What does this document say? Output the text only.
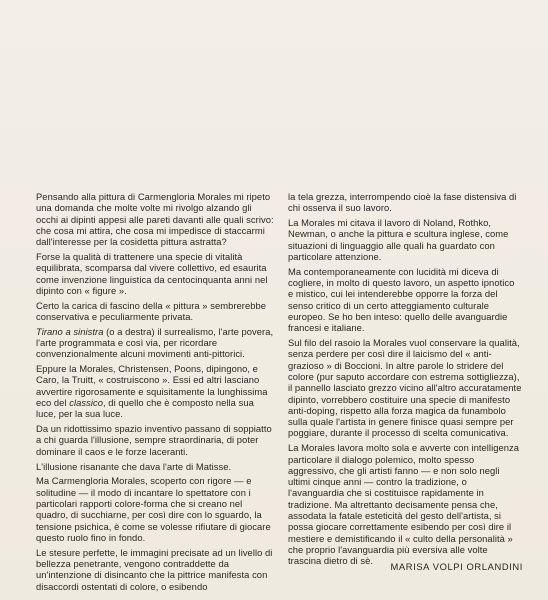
Pensando alla pittura di Carmengloria Morales mi ripeto una domanda che molte volte mi rivolgo alzando gli occhi ai dipinti appesi alle pareti davanti alle quali scrivo: che cosa mi attira, che cosa mi impedisce di staccarmi dall'interesse per la cosidetta pittura astratta?

Forse la qualità di trattenere una specie di vitalità equilibrata, scomparsa dal vivere collettivo, ed esaurita come invenzione linguistica da centocinquanta anni nel dipinto con « figure ».

Certo la carica di fascino della « pittura » sembrerebbe conservativa e peculiarmente privata.

Tirano a sinistra (o a destra) il surrealismo, l'arte povera, l'arte programmata e così via, per ricordare convenzionalmente alcuni movimenti anti-pittorici.

Eppure la Morales, Christensen, Poons, dipingono, e Caro, la Truitt, « costruiscono ». Essi ed altri lasciano avvertire rigorosamente e squisitamente la lunghissima eco del classico, di quello che è composto nella sua luce, per la sua luce.

Da un ridottissimo spazio inventivo passano di soppiatto a chi guarda l'illusione, sempre straordinaria, di poter dominare il caos e le forze laceranti.

L'illusione risanante che dava l'arte di Matisse.

Ma Carmengloria Morales, scoperto con rigore — e solitudine — il modo di incantare lo spettatore con i particolari rapporti colore-forma che si creano nel quadro, di succhiarne, per così dire con lo sguardo, la tensione psichica, è come se volesse rifiutare di giocare questo ruolo fino in fondo.

Le stesure perfette, le immagini precisate ad un livello di bellezza penetrante, vengono contraddette da un'intenzione di disincanto che la pittrice manifesta con disaccordi ostentati di colore, o esibendo

la tela grezza, interrompendo cioè la fase distensiva di chi osserva il suo lavoro.

La Morales mi citava il lavoro di Noland, Rothko, Newman, o anche la pittura e scultura inglese, come situazioni di linguaggio alle quali ha guardato con particolare attenzione.

Ma contemporaneamente con lucidità mi diceva di cogliere, in molto di questo lavoro, un aspetto ipnotico e mistico, cui lei intenderebbe opporre la forza del senso critico di un certo atteggiamento culturale europeo. Se ho ben inteso: quello delle avanguardie francesi e italiane.

Sul filo del rasoio la Morales vuol conservare la qualità, senza perdere per così dire il laicismo del « anti-grazioso » di Boccioni. In altre parole lo stridere del colore (pur saputo accordare con estrema sottigliezza), il pannello lasciato grezzo vicino all'altro accuratamente dipinto, vorrebbero costituire una specie di manifesto anti-doping, rispetto alla forza magica da funambolo sulla quale l'artista in genere finisce quasi sempre per poggiare, durante il processo di scelta comunicativa.

La Morales lavora molto sola e avverte con intelligenza particolare il dialogo polemico, molto spesso aggressivo, che gli artisti fanno — e non solo negli ultimi cinque anni — contro la tradizione, o l'avanguardia che si costituisce rapidamente in tradizione. Ma altrettanto decisamente pensa che, assodata la fatale esteticità del gesto dell'artista, si possa giocare correttamente esibendo per così dire il mestiere e demistificando il « culto della personalità » che proprio l'avanguardia più eversiva alle volte trascina dietro di sè.

MARISA VOLPI ORLANDINI
